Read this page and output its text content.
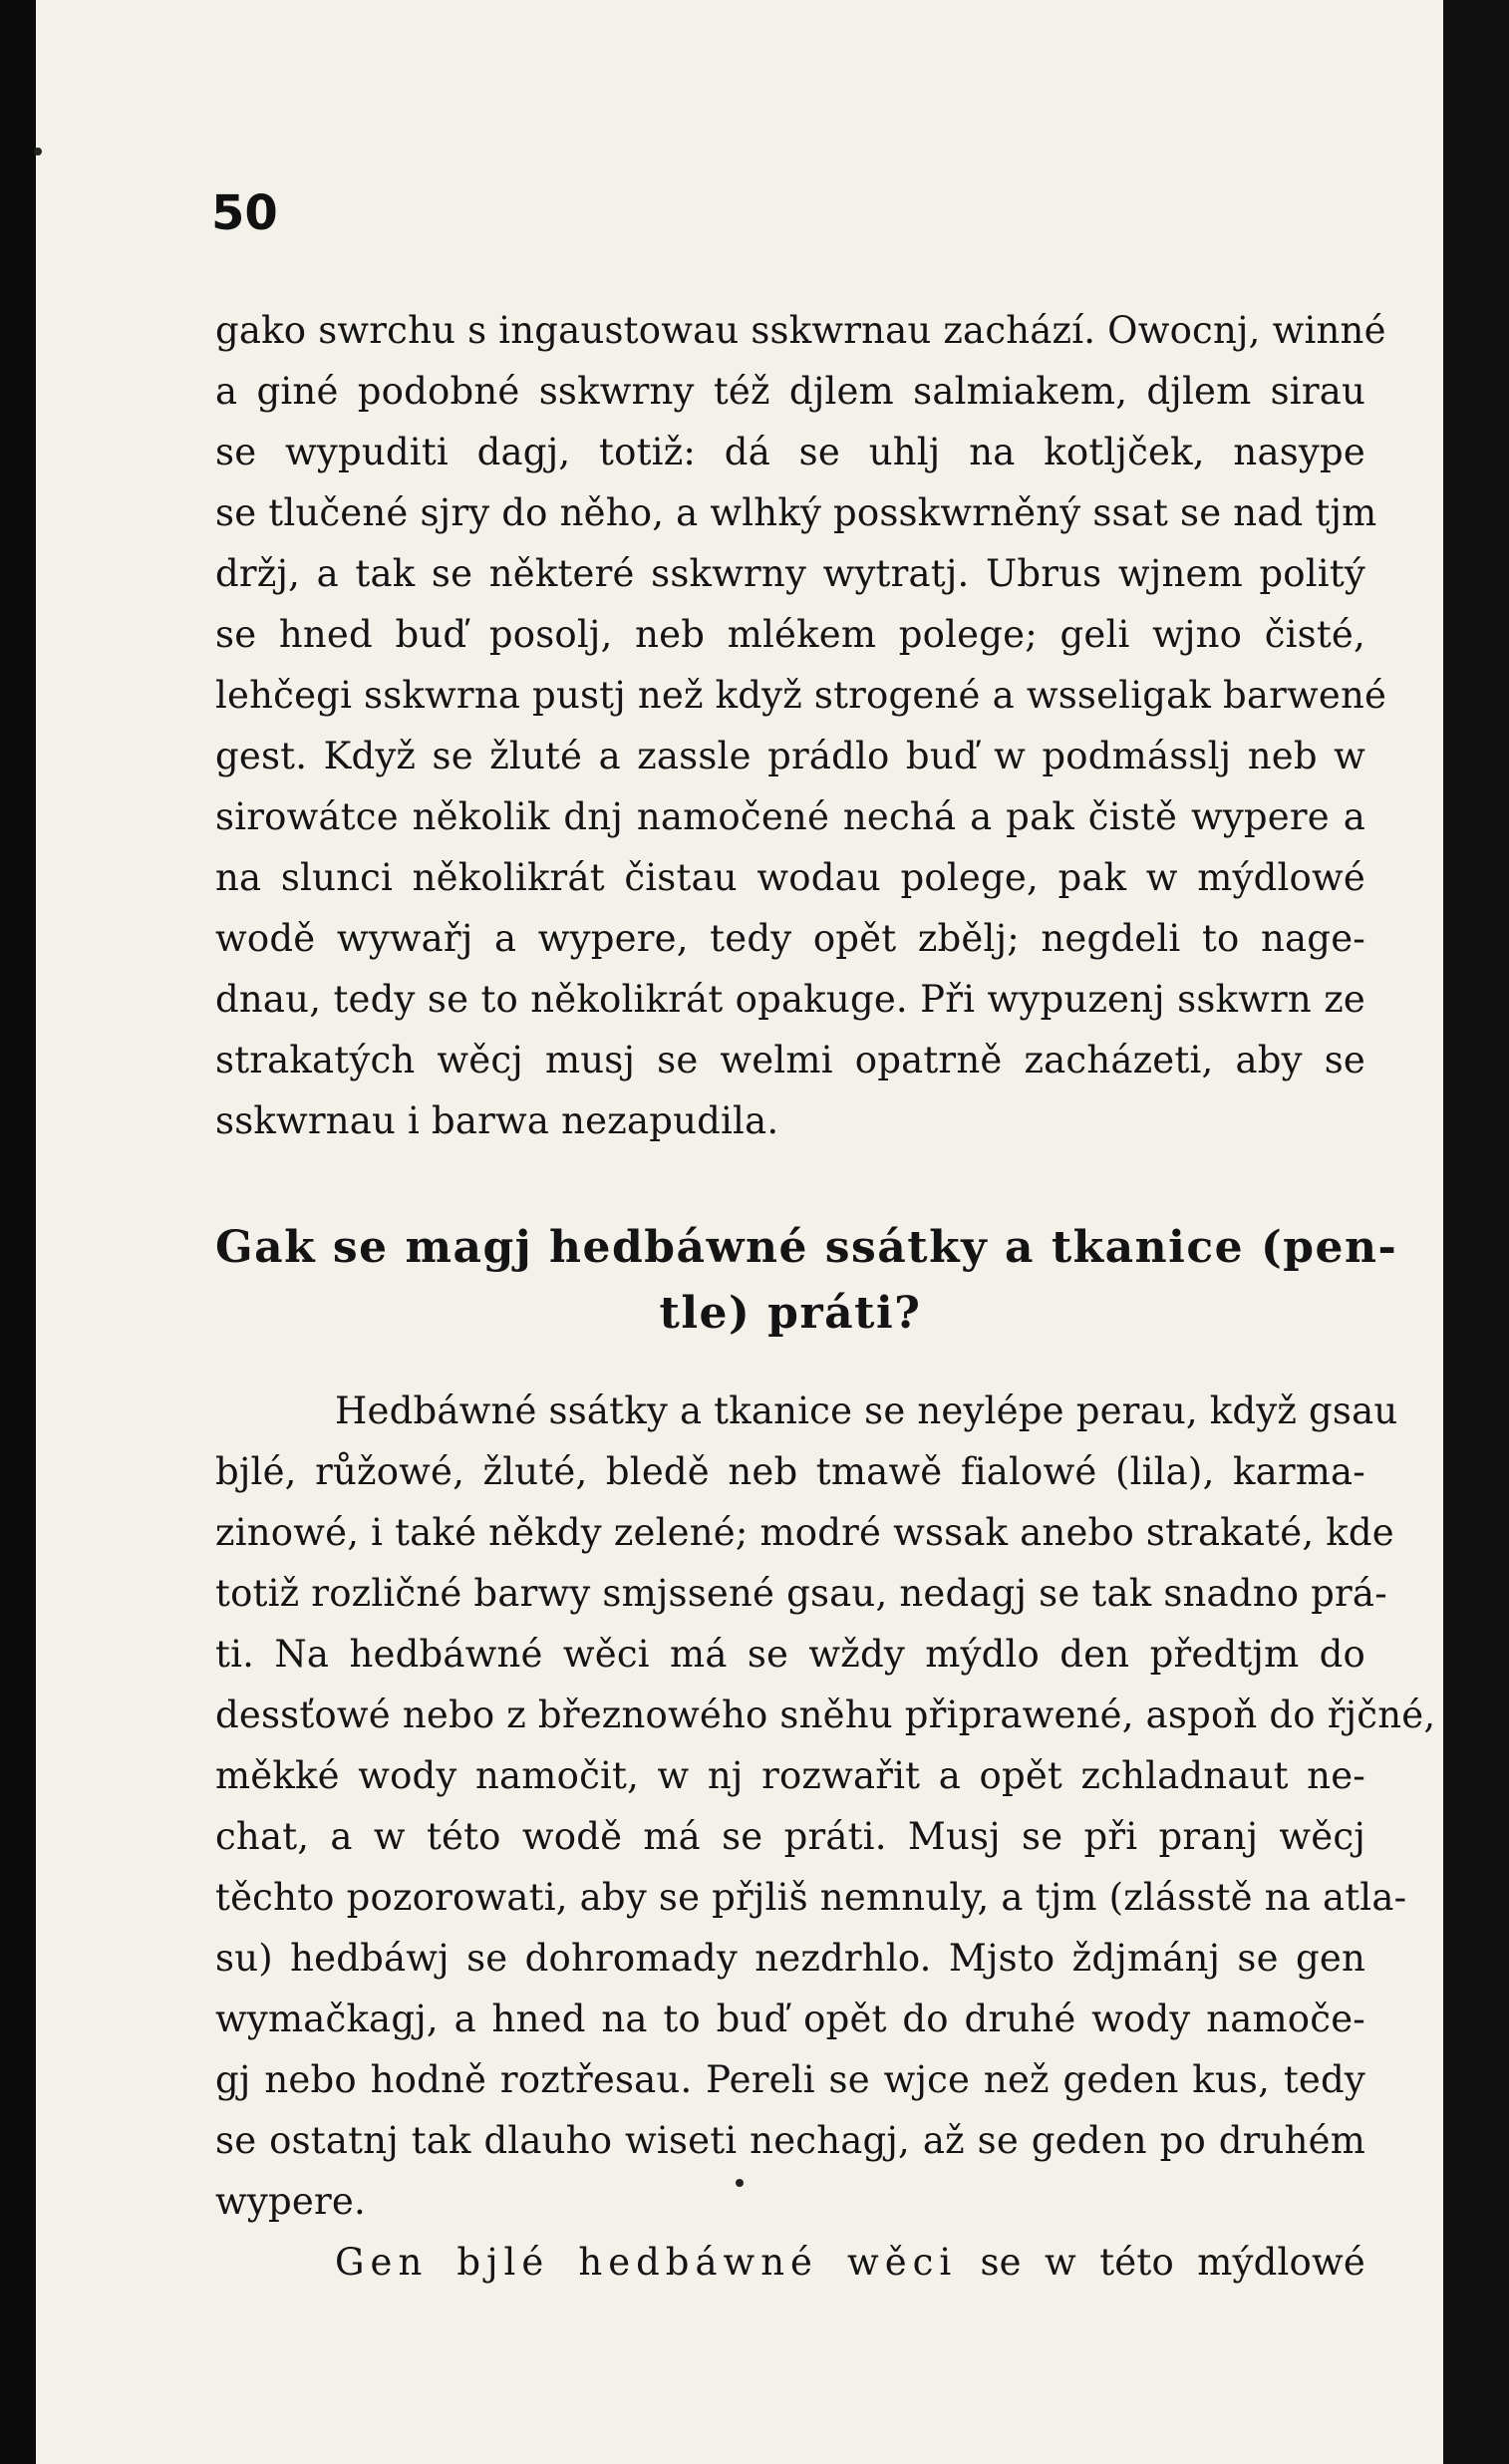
50
gako swrchu s ingaustowau sskwrnau zachází. Owocnj, winné
a giné podobné sskwrny též djlem salmiakem, djlem sirau
se wypuditi dagj, totiž: dá se uhlj na kotljček, nasype
se tlučené sjry do něho, a wlhký posskwrněný ssat se nad tjm
držj, a tak se některé sskwrny wytratj. Ubrus wjnem politý
se hned buď posolj, neb mlékem polege; geli wjno čisté,
lehčegi sskwrna pustj než když strogené a wsseligak barwené
gest. Když se žluté a zassle prádlo buď w podmásslj neb w
sirowátce několik dnj namočené nechá a pak čistě wypere a
na slunci několikrát čistau wodau polege, pak w mýdlowé
wodě wywařj a wypere, tedy opět zbělj; negdeli to nage-
dnau, tedy se to několikrát opakuge. Při wypuzenj sskwrn ze
strakatých wěcj musj se welmi opatrně zacházeti, aby se
sskwrnau i barwa nezapudila.
Gak se magj hedbáwné ssátky a tkanice (pen-
tle) práti?
Hedbáwné ssátky a tkanice se neylépe perau, když gsau
bjlé, růžowé, žluté, bledě neb tmawě fialowé (lila), karma-
zinowé, i také někdy zelené; modré wssak anebo strakaté, kde
totiž rozličné barwy smjssené gsau, nedagj se tak snadno prá-
ti. Na hedbáwné wěci má se wždy mýdlo den předtjm do
dessťowé nebo z březnowého sněhu připrawené, aspoň do řjčné,
měkké wody namočit, w nj rozwařit a opět zchladnaut ne-
chat, a w této wodě má se práti. Musj se při pranj wěcj
těchto pozorowati, aby se přjliš nemnuly, a tjm (zlásstě na atla-
su) hedbáwj se dohromady nezdrhlo. Mjsto ždjmánj se gen
wymačkagj, a hned na to buď opět do druhé wody namoče-
gj nebo hodně roztřesau. Pereli se wjce než geden kus, tedy
se ostatnj tak dlauho wiseti nechagj, až se geden po druhém
wypere.
Gen bjlé hedbáwné wěci se w této mýdlowé
